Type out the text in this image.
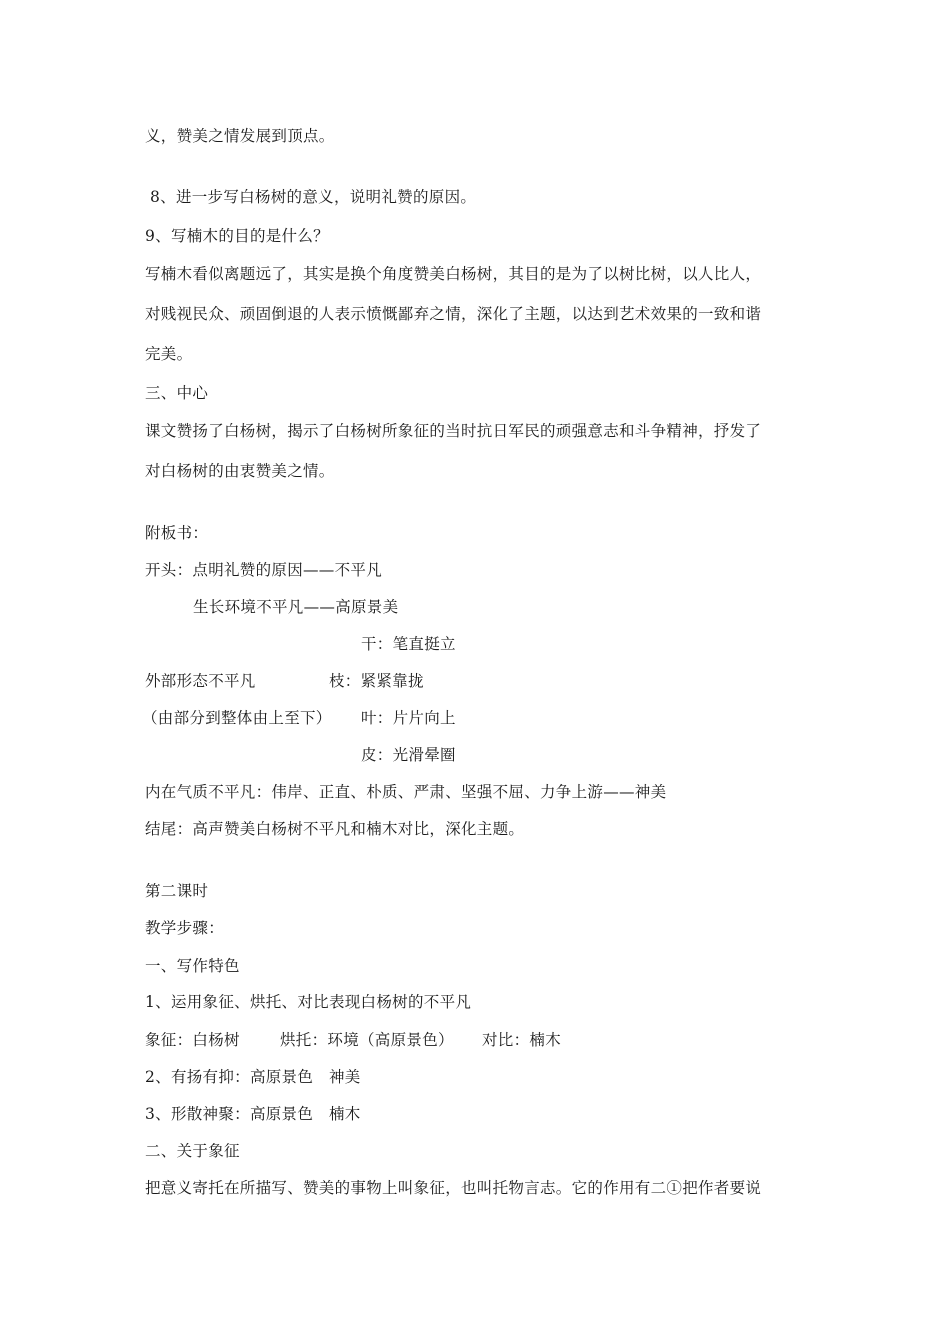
义，赞美之情发展到顶点。
8、进一步写白杨树的意义，说明礼赞的原因。
9、写楠木的目的是什么？
写楠木看似离题远了，其实是换个角度赞美白杨树，其目的是为了以树比树，以人比人，
对贱视民众、顽固倒退的人表示愤慨鄙弃之情，深化了主题，以达到艺术效果的一致和谐
完美。
三、中心
课文赞扬了白杨树，揭示了白杨树所象征的当时抗日军民的顽强意志和斗争精神，抒发了
对白杨树的由衷赞美之情。
附板书：
开头：点明礼赞的原因——不平凡
生长环境不平凡——高原景美
干：笔直挺立
外部形态不平凡	枝：紧紧靠拢
（由部分到整体由上至下） 叶：片片向上
皮：光滑晕圈
内在气质不平凡：伟岸、正直、朴质、严肃、坚强不屈、力争上游——神美
结尾：高声赞美白杨树不平凡和楠木对比，深化主题。
第二课时
教学步骤：
一、写作特色
1、运用象征、烘托、对比表现白杨树的不平凡
象征：白杨树	烘托：环境（高原景色） 对比：楠木
2、有扬有抑：高原景色　神美
3、形散神聚：高原景色　楠木
二、关于象征
把意义寄托在所描写、赞美的事物上叫象征，也叫托物言志。它的作用有二①把作者要说
